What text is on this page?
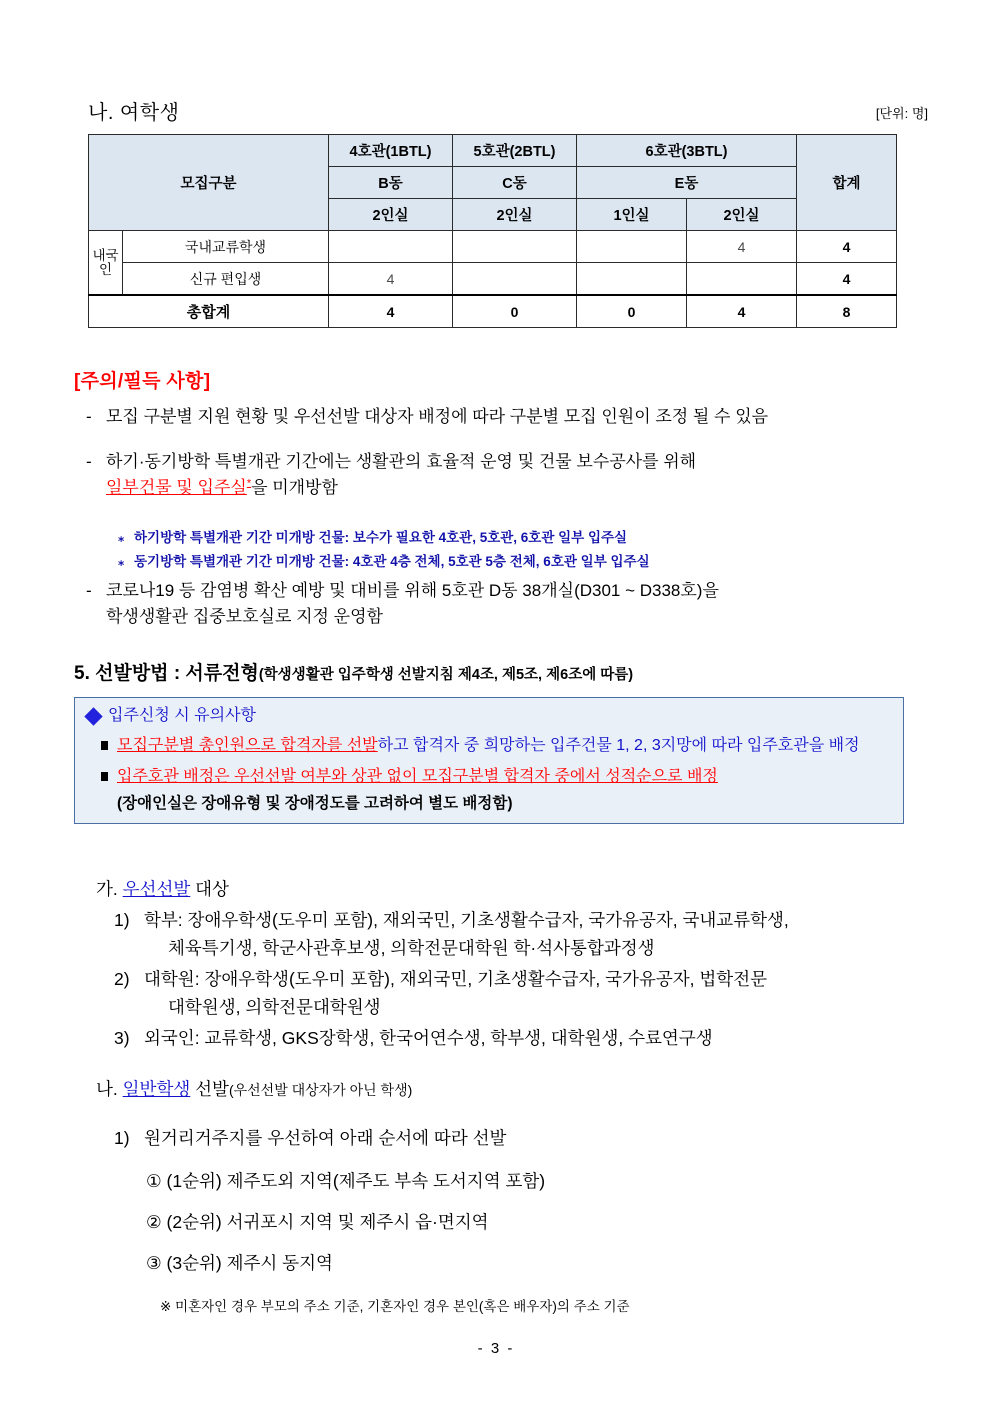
나. 여학생	[단위: 명]
모집구분		4호관(1BTL)	5호관(2BTL)	6호관(3BTL)		합계
		B동	C동	E동		
		2인실	2인실	1인실	2인실	
내국인	국내교류학생				4	4
	신규 편입생	4				4
총합계		4	0	0	4	8
[주의/필득 사항]
- 모집 구분별 지원 현황 및 우선선발 대상자 배정에 따라 구분별 모집 인원이 조정 될 수 있음
- 하기·동기방학 특별개관 기간에는 생활관의 효율적 운영 및 건물 보수공사를 위해
일부건물 및 입주실*을 미개방함
⁎ 하기방학 특별개관 기간 미개방 건물: 보수가 필요한 4호관, 5호관, 6호관 일부 입주실
⁎ 동기방학 특별개관 기간 미개방 건물: 4호관 4층 전체, 5호관 5층 전체, 6호관 일부 입주실
- 코로나19 등 감염병 확산 예방 및 대비를 위해 5호관 D동 38개실(D301 ~ D338호)을
학생생활관 집중보호실로 지정 운영함
5. 선발방법 : 서류전형(학생생활관 입주학생 선발지침 제4조, 제5조, 제6조에 따름)
입주신청 시 유의사항
모집구분별 총인원으로 합격자를 선발하고 합격자 중 희망하는 입주건물 1, 2, 3지망에 따라 입주호관을 배정
입주호관 배정은 우선선발 여부와 상관 없이 모집구분별 합격자 중에서 성적순으로 배정
(장애인실은 장애유형 및 장애정도를 고려하여 별도 배정함)
가. 우선선발 대상
1) 학부: 장애우학생(도우미 포함), 재외국민, 기초생활수급자, 국가유공자, 국내교류학생,
체육특기생, 학군사관후보생, 의학전문대학원 학·석사통합과정생
2) 대학원: 장애우학생(도우미 포함), 재외국민, 기초생활수급자, 국가유공자, 법학전문
대학원생, 의학전문대학원생
3) 외국인: 교류학생, GKS장학생, 한국어연수생, 학부생, 대학원생, 수료연구생
나. 일반학생 선발(우선선발 대상자가 아닌 학생)
1) 원거리거주지를 우선하여 아래 순서에 따라 선발
① (1순위) 제주도외 지역(제주도 부속 도서지역 포함)
② (2순위) 서귀포시 지역 및 제주시 읍·면지역
③ (3순위) 제주시 동지역
※ 미혼자인 경우 부모의 주소 기준, 기혼자인 경우 본인(혹은 배우자)의 주소 기준
- 3 -
